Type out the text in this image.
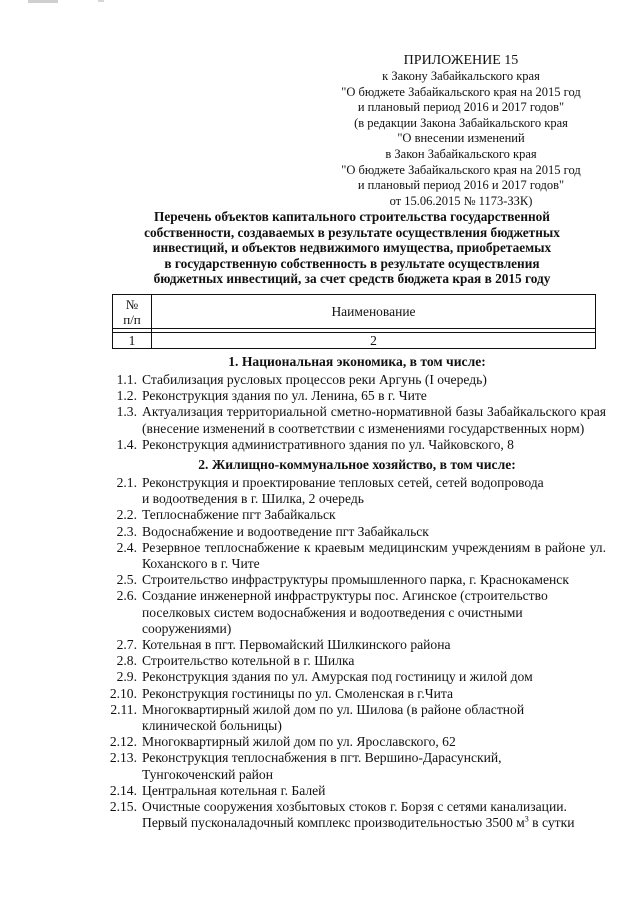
ПРИЛОЖЕНИЕ 15
к Закону Забайкальского края
"О бюджете Забайкальского края на 2015 год
и плановый период 2016 и 2017 годов"
(в редакции Закона Забайкальского края
"О внесении изменений
в Закон Забайкальского края
"О бюджете Забайкальского края на 2015 год
и плановый период 2016 и 2017 годов"
от 15.06.2015 № 1173-ЗЗК)
Перечень объектов капитального строительства государственной
собственности, создаваемых в результате осуществления бюджетных
инвестиций, и объектов недвижимого имущества, приобретаемых
в государственную собственность в результате осуществления
бюджетных инвестиций, за счет средств бюджета края в 2015 году
№
п/п	Наименование

1	2
1. Национальная экономика, в том числе:
1.1. Стабилизация русловых процессов реки Аргунь (I очередь)
1.2. Реконструкция здания по ул. Ленина, 65 в г. Чите
1.3. Актуализация территориальной сметно-нормативной базы Забайкальского края (внесение изменений в соответствии с изменениями государственных норм)
1.4. Реконструкция административного здания по ул. Чайковского, 8
2. Жилищно-коммунальное хозяйство, в том числе:
2.1. Реконструкция и проектирование тепловых сетей, сетей водопровода
и водоотведения в г. Шилка, 2 очередь
2.2. Теплоснабжение пгт Забайкальск
2.3. Водоснабжение и водоотведение пгт Забайкальск
2.4. Резервное теплоснабжение к краевым медицинским учреждениям в районе ул. Коханского в г. Чите
2.5. Строительство инфраструктуры промышленного парка, г. Краснокаменск
2.6. Создание инженерной инфраструктуры пос. Агинское (строительство
поселковых систем водоснабжения и водоотведения с очистными
сооружениями)
2.7. Котельная в пгт. Первомайский Шилкинского района
2.8. Строительство котельной в г. Шилка
2.9. Реконструкция здания по ул. Амурская под гостиницу и жилой дом
2.10. Реконструкция гостиницы по ул. Смоленская в г.Чита
2.11. Многоквартирный жилой дом по ул. Шилова (в районе областной
клинической больницы)
2.12. Многоквартирный жилой дом по ул. Ярославского, 62
2.13. Реконструкция теплоснабжения в пгт. Вершино-Дарасунский,
Тунгокоченский район
2.14. Центральная котельная г. Балей
2.15. Очистные сооружения хозбытовых стоков г. Борзя с сетями канализации.
Первый пусконаладочный комплекс производительностью 3500 $м^3$ в сутки
